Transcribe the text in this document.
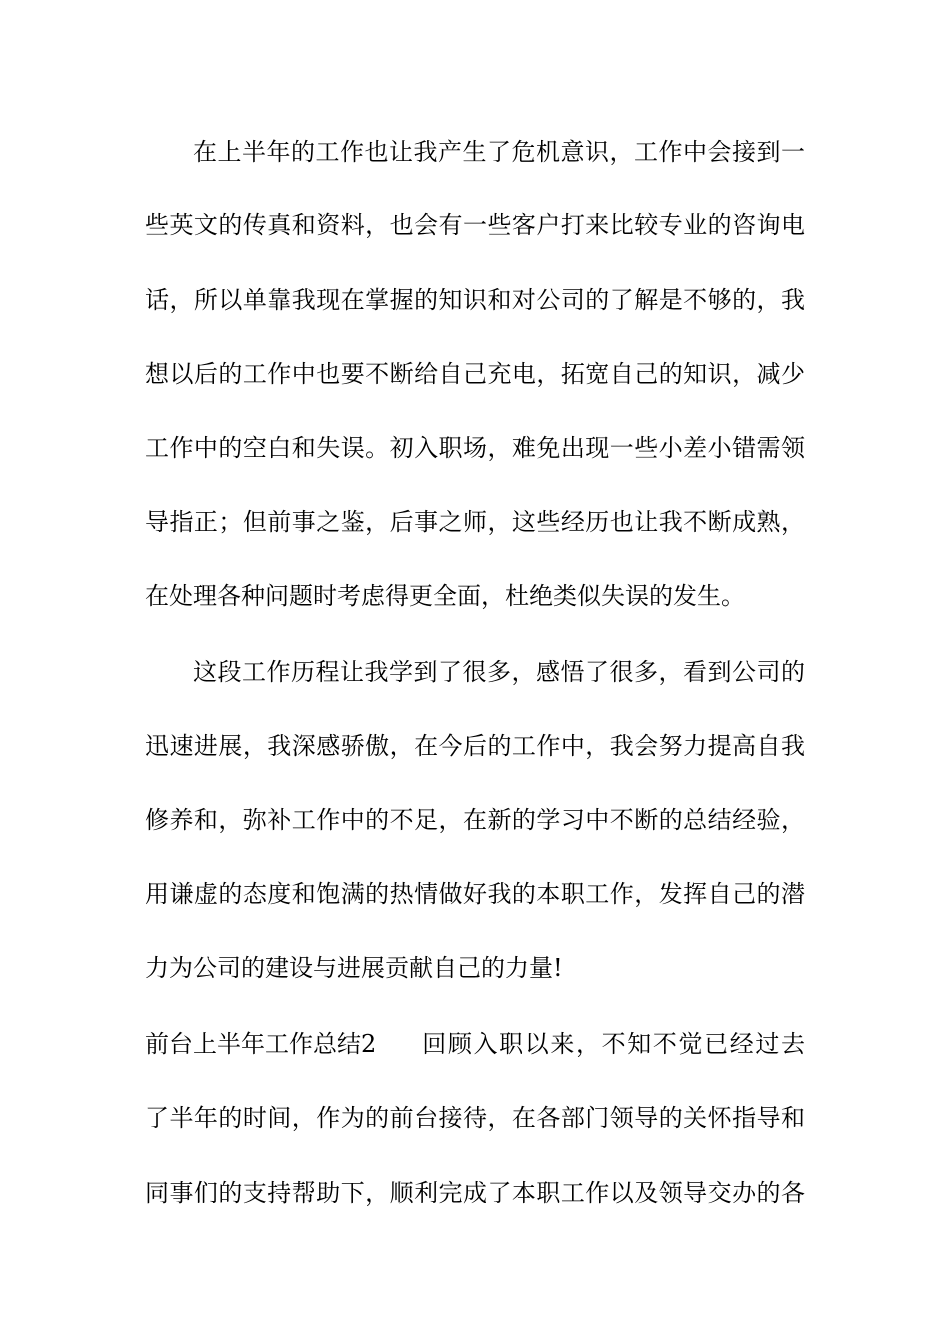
在上半年的工作也让我产生了危机意识，工作中会接到一
些英文的传真和资料，也会有一些客户打来比较专业的咨询电
话，所以单靠我现在掌握的知识和对公司的了解是不够的，我
想以后的工作中也要不断给自己充电，拓宽自己的知识，减少
工作中的空白和失误。初入职场，难免出现一些小差小错需领
导指正；但前事之鉴，后事之师，这些经历也让我不断成熟，
在处理各种问题时考虑得更全面，杜绝类似失误的发生。
这段工作历程让我学到了很多，感悟了很多，看到公司的
迅速进展，我深感骄傲，在今后的工作中，我会努力提高自我
修养和，弥补工作中的不足，在新的学习中不断的总结经验，
用谦虚的态度和饱满的热情做好我的本职工作，发挥自己的潜
力为公司的建设与进展贡献自己的力量!
前台上半年工作总结2 回顾入职以来，不知不觉已经过去
了半年的时间，作为的前台接待，在各部门领导的关怀指导和
同事们的支持帮助下，顺利完成了本职工作以及领导交办的各
